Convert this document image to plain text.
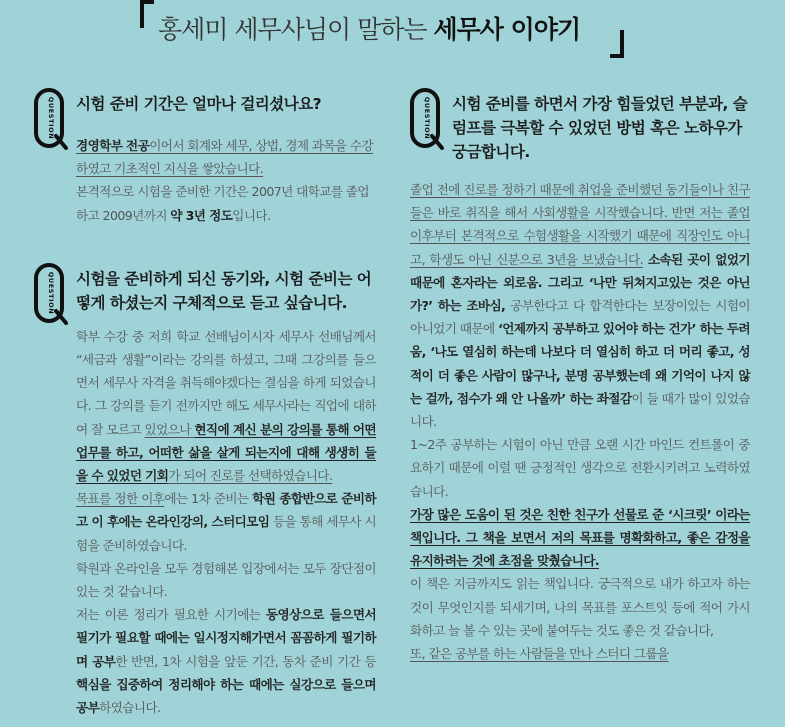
홍세미 세무사님이 말하는 세무사 이야기
QUESTION 시험 준비 기간은 얼마나 걸리셨나요?

경영학부 전공이어서 회계와 세무, 상법, 경제 과목을 수강하였고 기초적인 지식을 쌓았습니다.

본격적으로 시험을 준비한 기간은 2007년 대학교를 졸업하고 2009년까지 약 3년 정도입니다.

QUESTION 시험을 준비하게 되신 동기와, 시험 준비는 어떻게 하셨는지 구체적으로 듣고 싶습니다.

학부 수강 중 저희 학교 선배님이시자 세무사 선배님께서 “세금과 생활”이라는 강의를 하셨고, 그때 그강의를 들으면서 세무사 자격을 취득해야겠다는 결심을 하게 되었습니다. 그 강의를 듣기 전까지만 해도 세무사라는 직업에 대하여 잘 모르고 있었으나 현직에 계신 분의 강의를 통해 어떤 업무를 하고, 어떠한 삶을 살게 되는지에 대해 생생히 들을 수 있었던 기회가 되어 진로를 선택하였습니다.

목표를 정한 이후에는 1차 준비는 학원 종합반으로 준비하고 이 후에는 온라인강의, 스터디모임 등을 통해 세무사 시험을 준비하였습니다.

학원과 온라인을 모두 경험해본 입장에서는 모두 장단점이 있는 것 같습니다.

저는 이론 정리가 필요한 시기에는 동영상으로 들으면서 필기가 필요할 때에는 일시정지해가면서 꼼꼼하게 필기하며 공부한 반면, 1차 시험을 앞둔 기간, 동차 준비 기간 등 핵심을 집중하여 정리해야 하는 때에는 실강으로 들으며 공부하였습니다.

QUESTION 시험 준비를 하면서 가장 힘들었던 부분과, 슬럼프를 극복할 수 있었던 방법 혹은 노하우가 궁금합니다.

졸업 전에 진로를 정하기 때문에 취업을 준비했던 동기들이나 친구들은 바로 취직을 해서 사회생활을 시작했습니다. 반면 저는 졸업 이후부터 본격적으로 수험생활을 시작했기 때문에 직장인도 아니고, 학생도 아닌 신분으로 3년을 보냈습니다. 소속된 곳이 없었기 때문에 혼자라는 외로움. 그리고 ‘나만 뒤쳐지고있는 것은 아닌가?’ 하는 조바심, 공부한다고 다 합격한다는 보장이있는 시험이 아니었기 때문에 ‘언제까지 공부하고 있어야 하는 건가’ 하는 두려움, ‘나도 열심히 하는데 나보다 더 열심히 하고 더 머리 좋고, 성적이 더 좋은 사람이 많구나, 분명 공부했는데 왜 기억이 나지 않는 걸까, 점수가 왜 안 나올까’ 하는 좌절감이 들 때가 많이 있었습니다.

1~2주 공부하는 시험이 아닌 만큼 오랜 시간 마인드 컨트롤이 중요하기 때문에 이럴 땐 긍정적인 생각으로 전환시키려고 노력하였습니다.

가장 많은 도움이 된 것은 친한 친구가 선물로 준 ‘시크릿’ 이라는 책입니다. 그 책을 보면서 저의 목표를 명확화하고, 좋은 감정을 유지하려는 것에 초점을 맞췄습니다.

이 책은 지금까지도 읽는 책입니다. 궁극적으로 내가 하고자 하는 것이 무엇인지를 되새기며, 나의 목표를 포스트잇 등에 적어 가시화하고 늘 볼 수 있는 곳에 붙여두는 것도 좋은 것 같습니다,

또, 같은 공부를 하는 사람들을 만나 스터디 그룹을
